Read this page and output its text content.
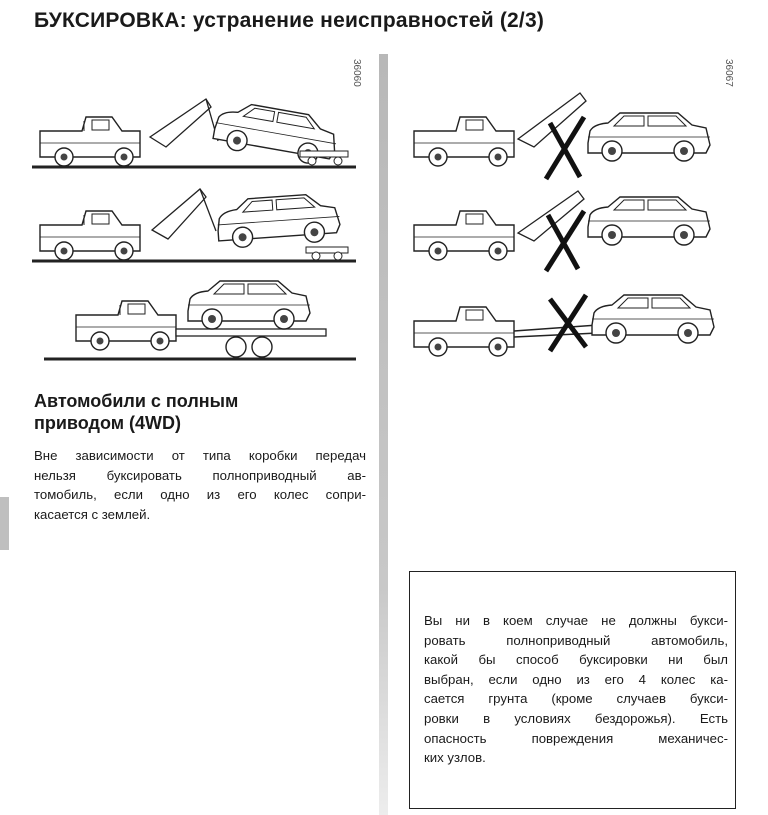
БУКСИРОВКА: устранение неисправностей (2/3)
36060	36067
Автомобили с полным
приводом (4WD)
Вне зависимости от типа коробки передач
нельзя буксировать полноприводный ав-
томобиль, если одно из его колес сопри-
касается с землей.
Вы ни в коем случае не должны букси-
ровать полноприводный автомобиль,
какой бы способ буксировки ни был
выбран, если одно из его 4 колес ка-
сается грунта (кроме случаев букси-
ровки в условиях бездорожья). Есть
опасность повреждения механичес-
ких узлов.
